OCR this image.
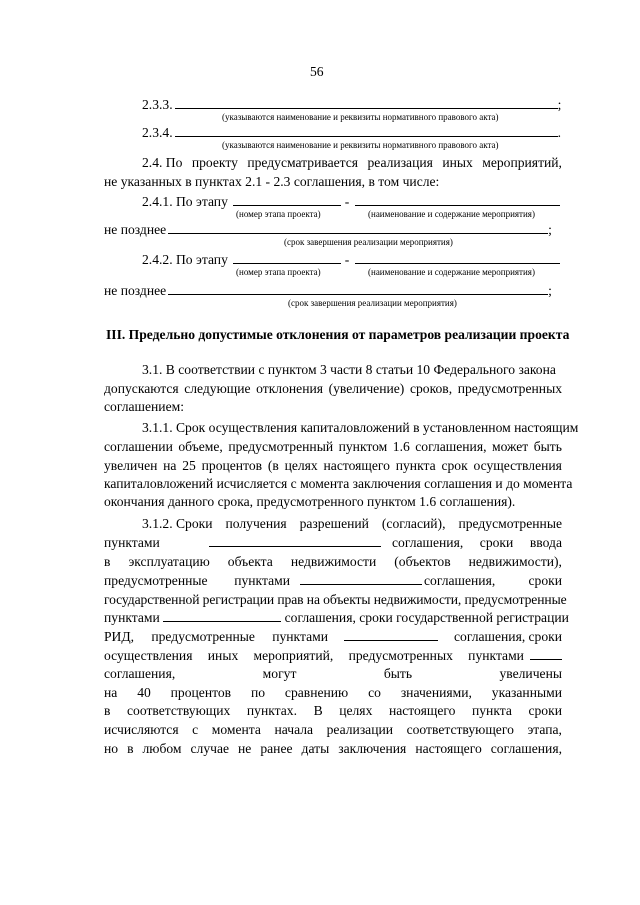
56
2.3.3.	;
(указываются наименование и реквизиты нормативного правового акта)
2.3.4.	.
(указываются наименование и реквизиты нормативного правового акта)
2.4. По проекту предусматривается реализация иных мероприятий,
не указанных в пунктах 2.1 - 2.3 соглашения, в том числе:
2.4.1. По этапу	-
(номер этапа проекта)	(наименование и содержание мероприятия)
не позднее	;
(срок завершения реализации мероприятия)
2.4.2. По этапу	-
(номер этапа проекта)	(наименование и содержание мероприятия)
не позднее	;
(срок завершения реализации мероприятия)
III. Предельно допустимые отклонения от параметров реализации проекта
3.1. В соответствии с пунктом 3 части 8 статьи 10 Федерального закона
допускаются следующие отклонения (увеличение) сроков, предусмотренных
соглашением:
3.1.1. Срок осуществления капиталовложений в установленном настоящим
соглашении объеме, предусмотренный пунктом 1.6 соглашения, может быть
увеличен на 25 процентов (в целях настоящего пункта срок осуществления
капиталовложений исчисляется с момента заключения соглашения и до момента
окончания данного срока, предусмотренного пунктом 1.6 соглашения).
3.1.2. Сроки получения разрешений (согласий), предусмотренные
пунктами	соглашения, сроки ввода
в эксплуатацию объекта недвижимости (объектов недвижимости),
предусмотренные пунктами	соглашения, сроки
государственной регистрации прав на объекты недвижимости, предусмотренные
пунктами	соглашения, сроки государственной регистрации
РИД, предусмотренные пунктами	соглашения, сроки
осуществления иных мероприятий, предусмотренных пунктами
соглашения,	могут	быть	увеличены
на 40 процентов по сравнению со значениями, указанными
в соответствующих пунктах. В целях настоящего пункта сроки
исчисляются с момента начала реализации соответствующего этапа,
но в любом случае не ранее даты заключения настоящего соглашения,
